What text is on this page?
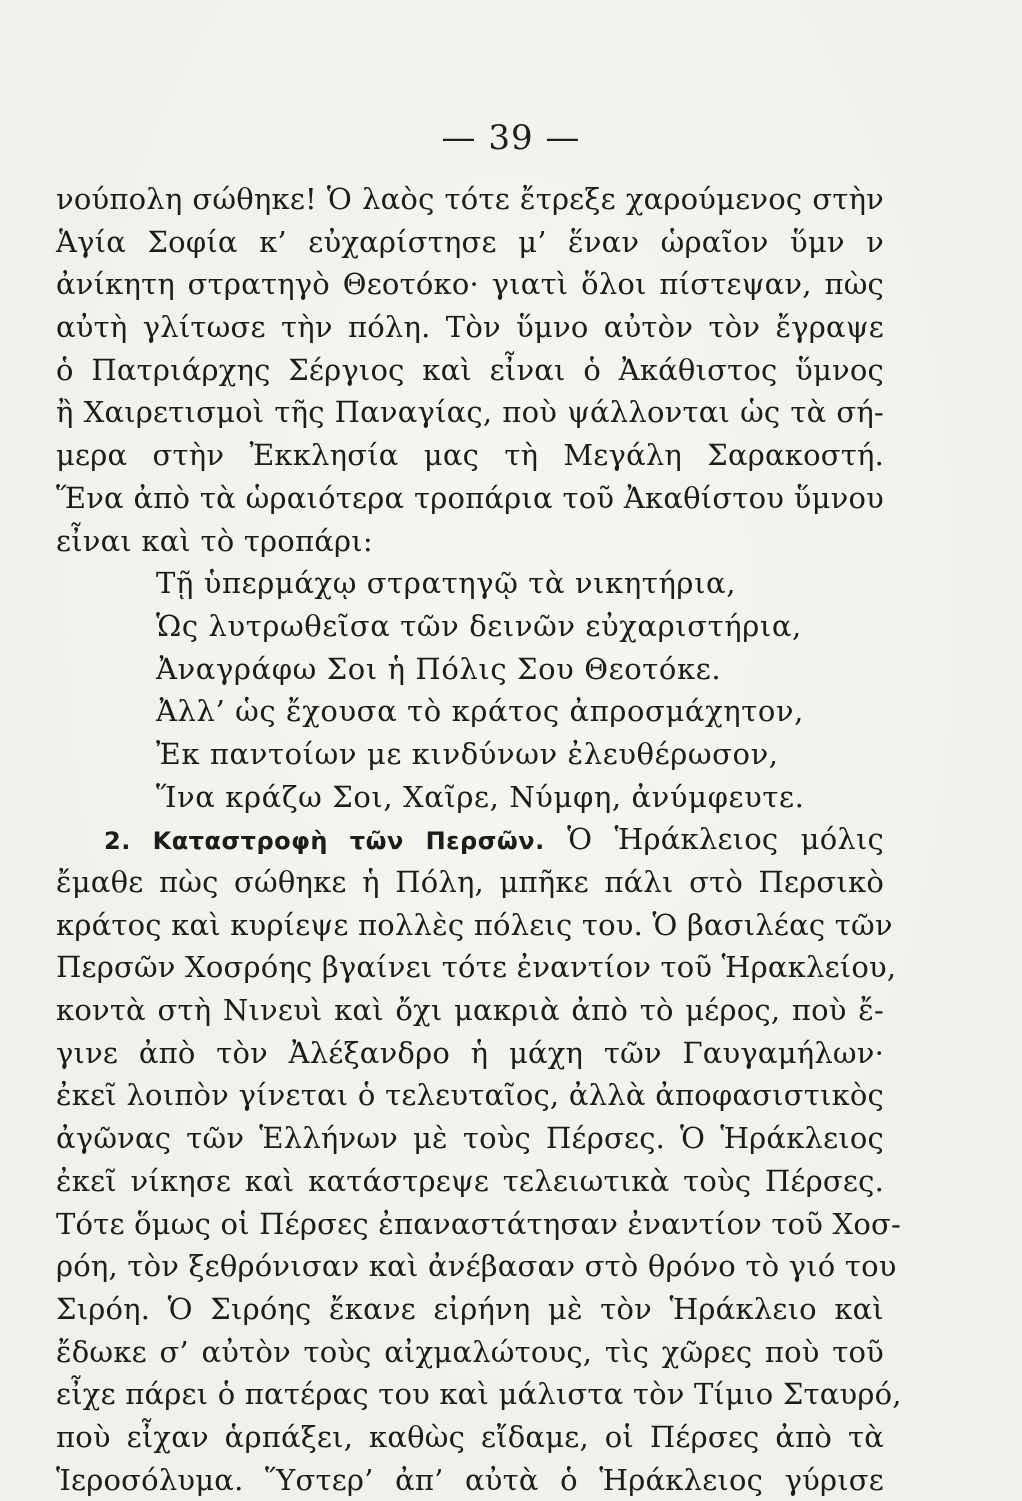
— 39 —
νούπολη σώθηκε! Ὁ λαὸς τότε ἔτρεξε χαρούμενος στὴν
Ἁγία Σοφία κ’ εὐχαρίστησε μ’ ἕναν ὡραῖον ὕμν ν
ἀνίκητη στρατηγὸ Θεοτόκο· γιατὶ ὅλοι πίστεψαν, πὼς
αὐτὴ γλίτωσε τὴν πόλη. Τὸν ὕμνο αὐτὸν τὸν ἔγραψε
ὁ Πατριάρχης Σέργιος καὶ εἶναι ὁ Ἀκάθιστος ὕμνος
ἢ Χαιρετισμοὶ τῆς Παναγίας, ποὺ ψάλλονται ὡς τὰ σή-
μερα στὴν Ἐκκλησία μας τὴ Μεγάλη Σαρακοστή.
Ἕνα ἀπὸ τὰ ὡραιότερα τροπάρια τοῦ Ἀκαθίστου ὕμνου
εἶναι καὶ τὸ τροπάρι:
Τῇ ὑπερμάχῳ στρατηγῷ τὰ νικητήρια,
Ὡς λυτρωθεῖσα τῶν δεινῶν εὐχαριστήρια,
Ἀναγράφω Σοι ἡ Πόλις Σου Θεοτόκε.
Ἀλλ’ ὡς ἔχουσα τὸ κράτος ἀπροσμάχητον,
Ἐκ παντοίων με κινδύνων ἐλευθέρωσον,
Ἵνα κράζω Σοι, Χαῖρε, Νύμφη, ἀνύμφευτε.
2. Καταστροφὴ τῶν Περσῶν. Ὁ Ἡράκλειος μόλις
ἔμαθε πὼς σώθηκε ἡ Πόλη, μπῆκε πάλι στὸ Περσικὸ
κράτος καὶ κυρίεψε πολλὲς πόλεις του. Ὁ βασιλέας τῶν
Περσῶν Χοσρόης βγαίνει τότε ἐναντίον τοῦ Ἡρακλείου,
κοντὰ στὴ Νινευὶ καὶ ὄχι μακριὰ ἀπὸ τὸ μέρος, ποὺ ἔ-
γινε ἀπὸ τὸν Ἀλέξανδρο ἡ μάχη τῶν Γαυγαμήλων·
ἐκεῖ λοιπὸν γίνεται ὁ τελευταῖος, ἀλλὰ ἀποφασιστικὸς
ἀγῶνας τῶν Ἑλλήνων μὲ τοὺς Πέρσες. Ὁ Ἡράκλειος
ἐκεῖ νίκησε καὶ κατάστρεψε τελειωτικὰ τοὺς Πέρσες.
Τότε ὅμως οἱ Πέρσες ἐπαναστάτησαν ἐναντίον τοῦ Χοσ-
ρόη, τὸν ξεθρόνισαν καὶ ἀνέβασαν στὸ θρόνο τὸ γιό του
Σιρόη. Ὁ Σιρόης ἔκανε εἰρήνη μὲ τὸν Ἡράκλειο καὶ
ἔδωκε σ’ αὐτὸν τοὺς αἰχμαλώτους, τὶς χῶρες ποὺ τοῦ
εἶχε πάρει ὁ πατέρας του καὶ μάλιστα τὸν Τίμιο Σταυρό,
ποὺ εἶχαν ἁρπάξει, καθὼς εἴδαμε, οἱ Πέρσες ἀπὸ τὰ
Ἱεροσόλυμα. Ὕστερ’ ἀπ’ αὐτὰ ὁ Ἡράκλειος γύρισε
